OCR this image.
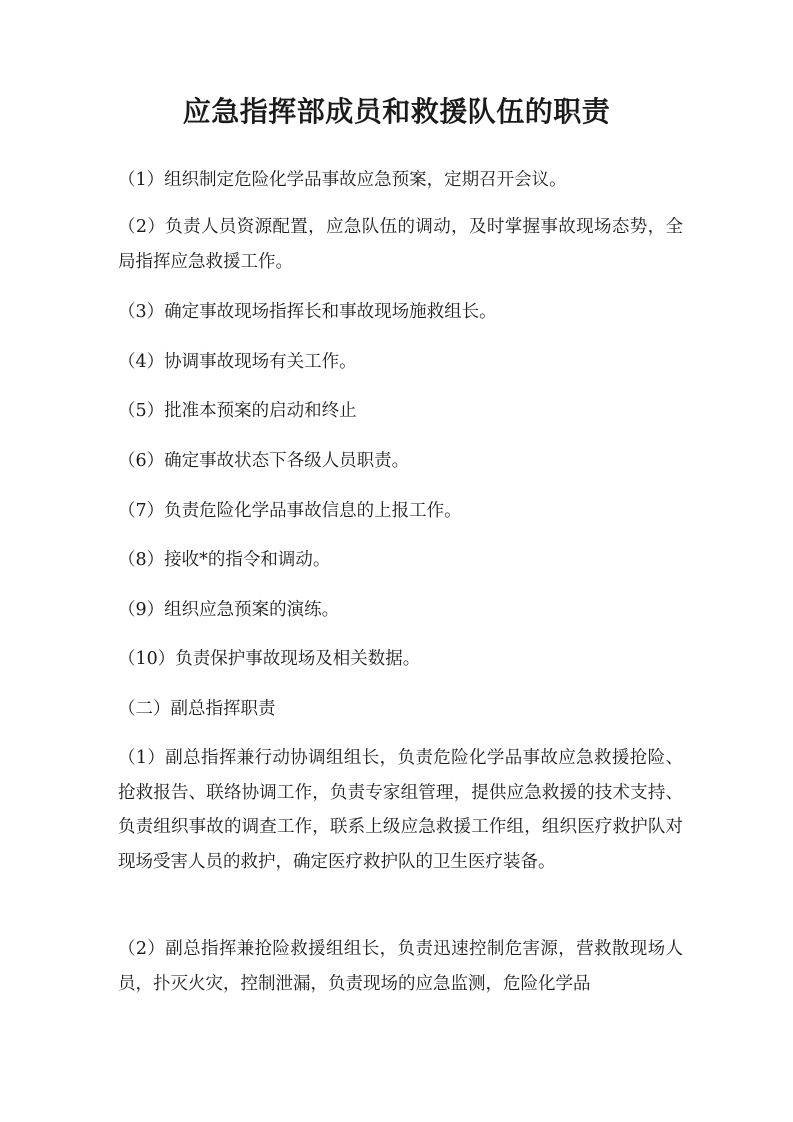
应急指挥部成员和救援队伍的职责

（1）组织制定危险化学品事故应急预案，定期召开会议。

（2）负责人员资源配置，应急队伍的调动，及时掌握事故现场态势，全局指挥应急救援工作。

（3）确定事故现场指挥长和事故现场施救组长。

（4）协调事故现场有关工作。

（5）批准本预案的启动和终止

（6）确定事故状态下各级人员职责。

（7）负责危险化学品事故信息的上报工作。

（8）接收*的指令和调动。

（9）组织应急预案的演练。

（10）负责保护事故现场及相关数据。

（二）副总指挥职责

（1）副总指挥兼行动协调组组长，负责危险化学品事故应急救援抢险、抢救报告、联络协调工作，负责专家组管理，提供应急救援的技术支持、负责组织事故的调查工作，联系上级应急救援工作组，组织医疗救护队对现场受害人员的救护，确定医疗救护队的卫生医疗装备。

（2）副总指挥兼抢险救援组组长，负责迅速控制危害源，营救散现场人员，扑灭火灾，控制泄漏，负责现场的应急监测，危险化学品
